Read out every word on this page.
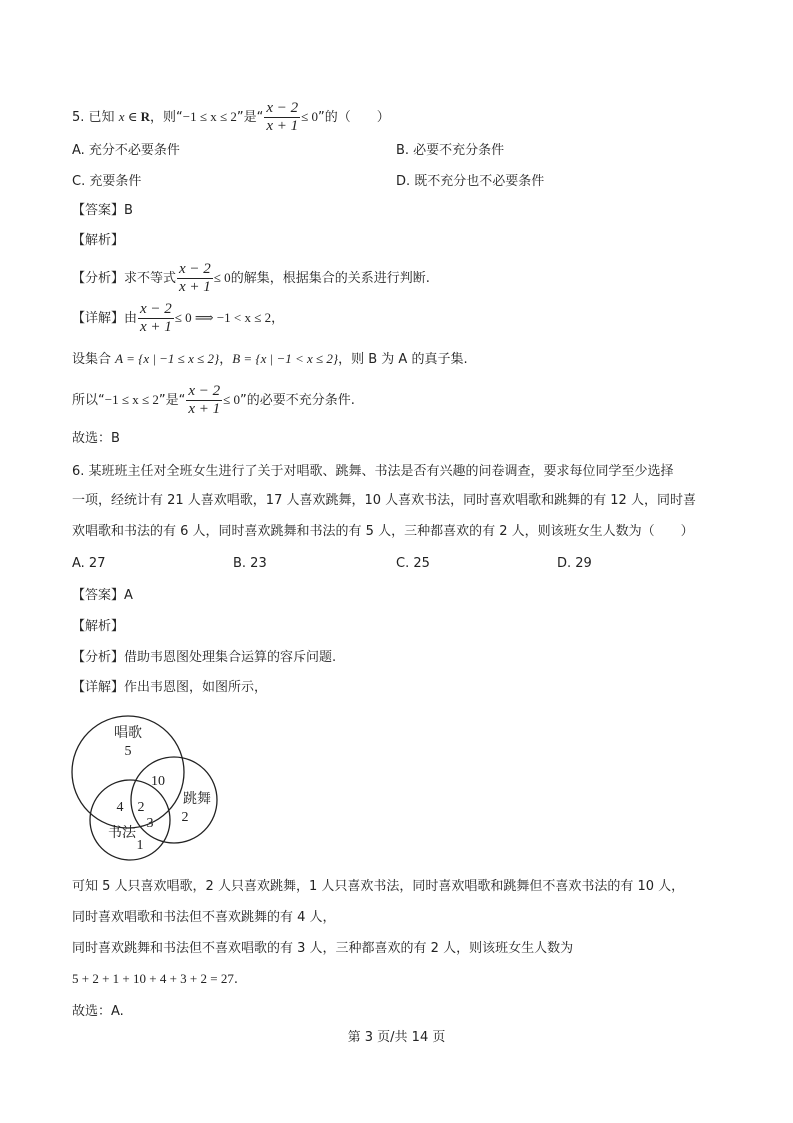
5. 已知 x ∈ R，则“−1 ≤ x ≤ 2”是“ $\frac{x - 2}{x + 1} \le 0$”的（　　）
A. 充分不必要条件	B. 必要不充分条件
C. 充要条件	D. 既不充分也不必要条件
【答案】B
【解析】
【分析】求不等式 $\frac{x - 2}{x + 1} \le 0$的解集，根据集合的关系进行判断.
【详解】由 $\frac{x - 2}{x + 1} \le 0$ ⟹ −1 < x ≤ 2，
设集合 A = {x | −1 ≤ x ≤ 2}，B = {x | −1 < x ≤ 2}，则 B 为 A 的真子集.
所以“−1 ≤ x ≤ 2”是“ $\frac{x - 2}{x + 1} \le 0$”的必要不充分条件.
故选：B
6. 某班班主任对全班女生进行了关于对唱歌、跳舞、书法是否有兴趣的问卷调查，要求每位同学至少选择
一项，经统计有 21 人喜欢唱歌，17 人喜欢跳舞，10 人喜欢书法，同时喜欢唱歌和跳舞的有 12 人，同时喜
欢唱歌和书法的有 6 人，同时喜欢跳舞和书法的有 5 人，三种都喜欢的有 2 人，则该班女生人数为（　　）
A. 27	B. 23	C. 25	D. 29
【答案】A
【解析】
【分析】借助韦恩图处理集合运算的容斥问题.
【详解】作出韦恩图，如图所示，
唱歌
5
10
跳舞
2
4 2
3
书法
1
可知 5 人只喜欢唱歌，2 人只喜欢跳舞，1 人只喜欢书法，同时喜欢唱歌和跳舞但不喜欢书法的有 10 人，
同时喜欢唱歌和书法但不喜欢跳舞的有 4 人，
同时喜欢跳舞和书法但不喜欢唱歌的有 3 人，三种都喜欢的有 2 人，则该班女生人数为
5 + 2 + 1 + 10 + 4 + 3 + 2 = 27.
故选：A.
第 3 页/共 14 页
